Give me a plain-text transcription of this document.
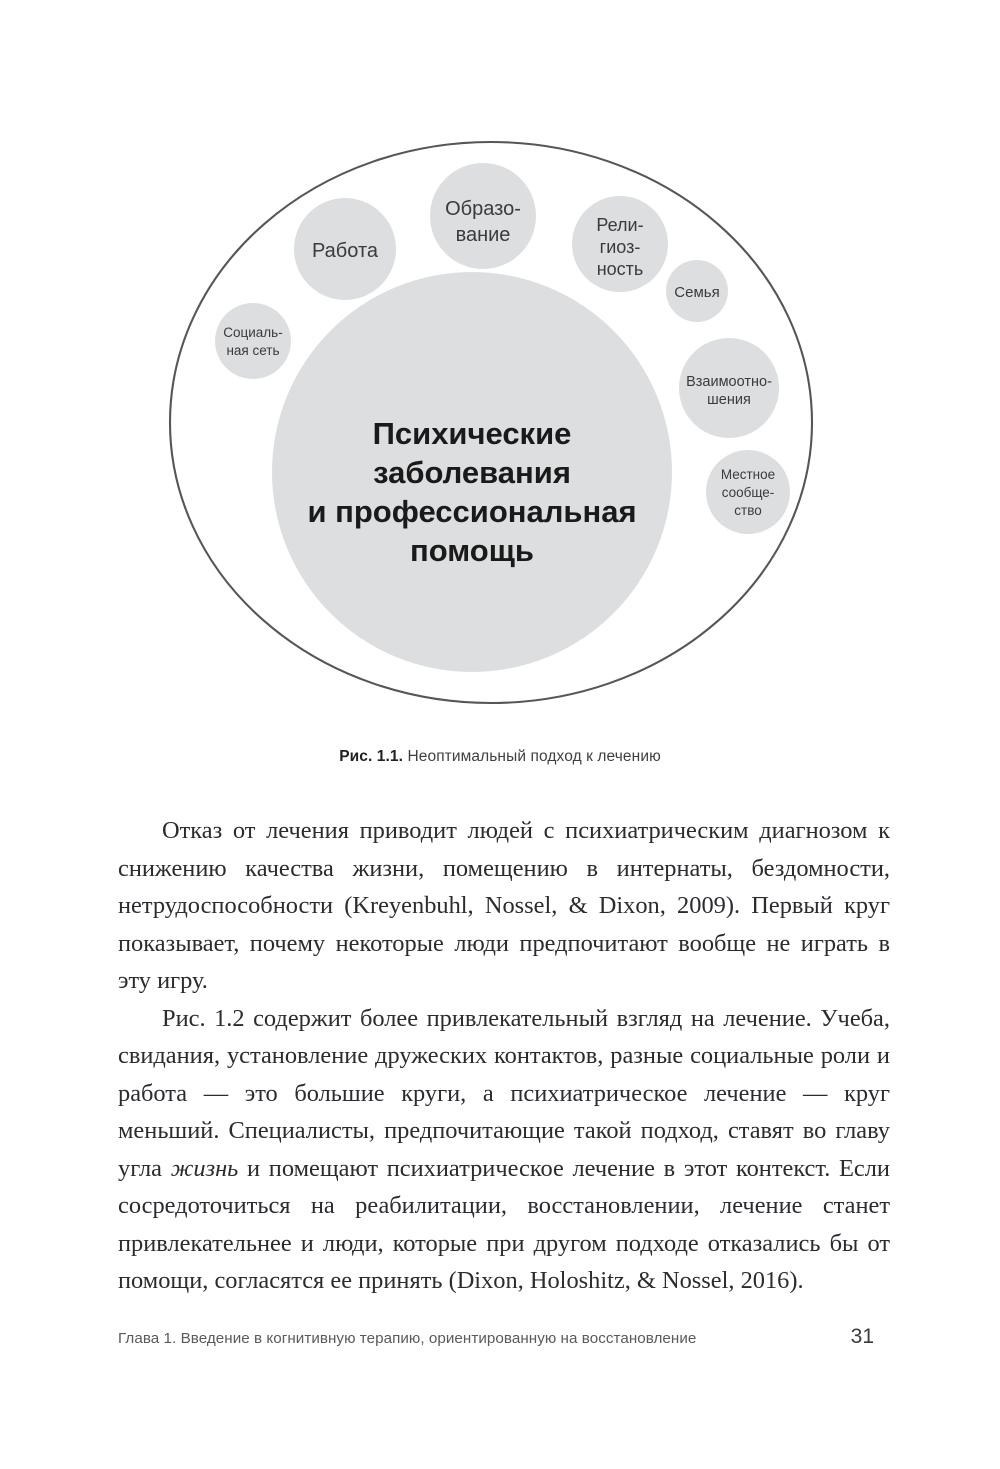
Работа
Образо-
вание	Рели-
гиоз-
ность
Семья
Взаимоотно-
шения
Местное
сообще-
ство
Социаль-
ная сеть
Психические
заболевания
и профессиональная
помощь
Рис. 1.1. Неоптимальный подход к лечению

Отказ от лечения приводит людей с психиатрическим диагнозом к снижению качества жизни, помещению в интернаты, бездомности, нетрудоспособности (Kreyenbuhl, Nossel, & Dixon, 2009). Первый круг показывает, почему некоторые люди предпочитают вообще не играть в эту игру.

Рис. 1.2 содержит более привлекательный взгляд на лечение. Учеба, свидания, установление дружеских контактов, разные социальные роли и работа — это большие круги, а психиатрическое лечение — круг меньший. Специалисты, предпочитающие такой подход, ставят во главу угла жизнь и помещают психиатрическое лечение в этот контекст. Если сосредоточиться на реабилитации, восстановлении, лечение станет привлекательнее и люди, которые при другом подходе отказались бы от помощи, согласятся ее принять (Dixon, Holoshitz, & Nossel, 2016).

Глава 1. Введение в когнитивную терапию, ориентированную на восстановление	31
